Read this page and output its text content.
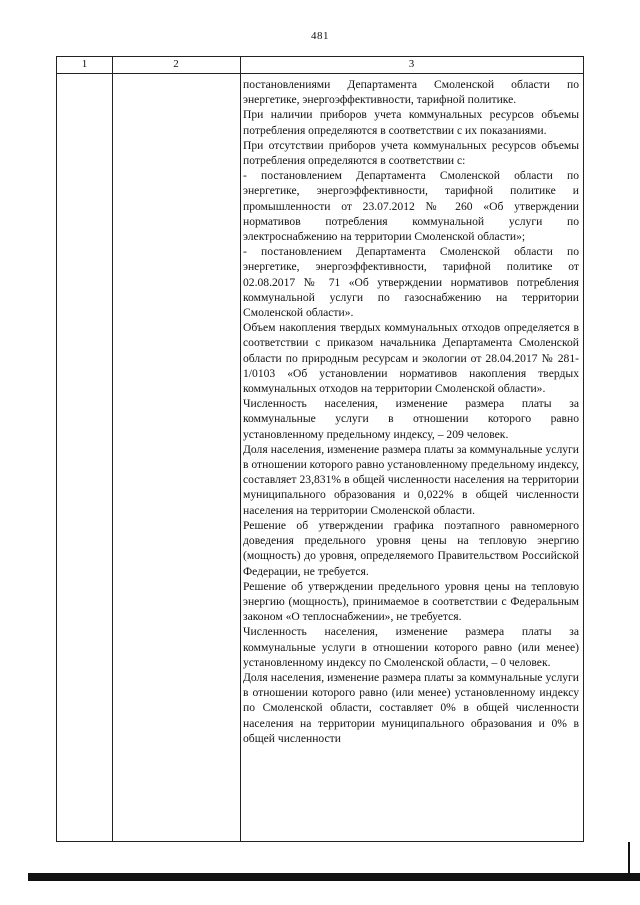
481
1	2	3

постановлениями Департамента Смоленской области по энергетике, энергоэффективности, тарифной политике.

При наличии приборов учета коммунальных ресурсов объемы потребления определяются в соответствии с их показаниями.

При отсутствии приборов учета коммунальных ресурсов объемы потребления определяются в соответствии с:

- постановлением Департамента Смоленской области по энергетике, энергоэффективности, тарифной политике и промышленности от 23.07.2012 № 260 «Об утверждении нормативов потребления коммунальной услуги по электроснабжению на территории Смоленской области»;

- постановлением Департамента Смоленской области по энергетике, энергоэффективности, тарифной политике от 02.08.2017 № 71 «Об утверждении нормативов потребления коммунальной услуги по газоснабжению на территории Смоленской области».

Объем накопления твердых коммунальных отходов определяется в соответствии с приказом начальника Департамента Смоленской области по природным ресурсам и экологии от 28.04.2017 № 281-1/0103 «Об установлении нормативов накопления твердых коммунальных отходов на территории Смоленской области».

Численность населения, изменение размера платы за коммунальные услуги в отношении которого равно установленному предельному индексу, – 209 человек.

Доля населения, изменение размера платы за коммунальные услуги в отношении которого равно установленному предельному индексу, составляет 23,831% в общей численности населения на территории муниципального образования и 0,022% в общей численности населения на территории Смоленской области.

Решение об утверждении графика поэтапного равномерного доведения предельного уровня цены на тепловую энергию (мощность) до уровня, определяемого Правительством Российской Федерации, не требуется.

Решение об утверждении предельного уровня цены на тепловую энергию (мощность), принимаемое в соответствии с Федеральным законом «О теплоснабжении», не требуется.

Численность населения, изменение размера платы за коммунальные услуги в отношении которого равно (или менее) установленному индексу по Смоленской области, – 0 человек.

Доля населения, изменение размера платы за коммунальные услуги в отношении которого равно (или менее) установленному индексу по Смоленской области, составляет 0% в общей численности населения на территории муниципального образования и 0% в общей численности
